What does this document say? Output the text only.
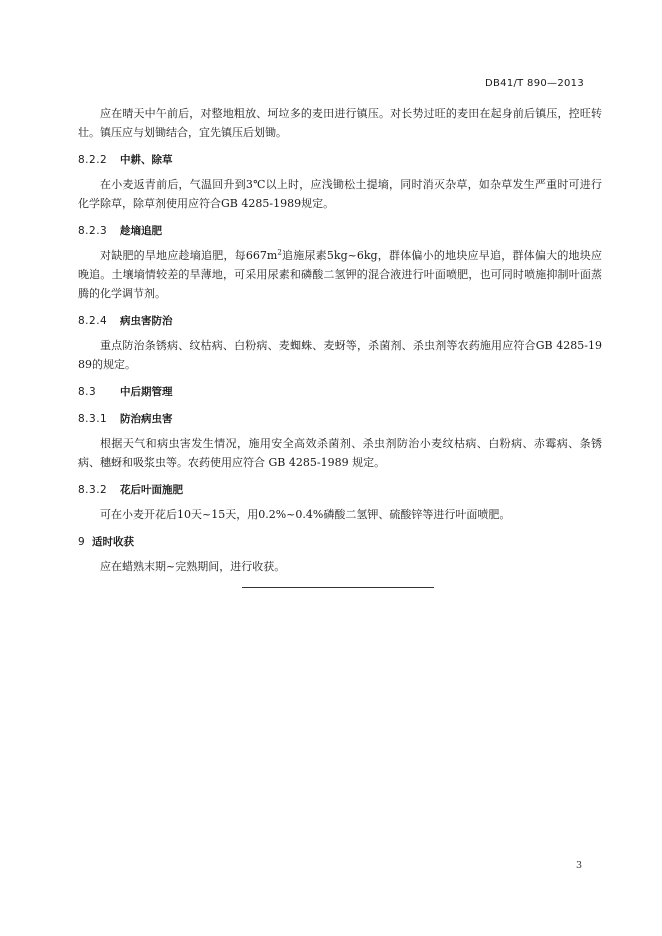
DB41/T 890—2013

应在晴天中午前后，对整地粗放、坷垃多的麦田进行镇压。对长势过旺的麦田在起身前后镇压，控旺转壮。镇压应与划锄结合，宜先镇压后划锄。

8.2.2	中耕、除草

在小麦返青前后，气温回升到3℃以上时，应浅锄松土提墒，同时消灭杂草，如杂草发生严重时可进行化学除草，除草剂使用应符合GB 4285-1989规定。

8.2.3	趁墒追肥

对缺肥的旱地应趁墒追肥，每$667m^2$追施尿素5kg~6kg，群体偏小的地块应早追，群体偏大的地块应晚追。土壤墒情较差的旱薄地，可采用尿素和磷酸二氢钾的混合液进行叶面喷肥，也可同时喷施抑制叶面蒸腾的化学调节剂。

8.2.4	病虫害防治

重点防治条锈病、纹枯病、白粉病、麦蜘蛛、麦蚜等，杀菌剂、杀虫剂等农药施用应符合GB 4285-1989的规定。

8.3	中后期管理
8.3.1	防治病虫害

根据天气和病虫害发生情况，施用安全高效杀菌剂、杀虫剂防治小麦纹枯病、白粉病、赤霉病、条锈病、穗蚜和吸浆虫等。农药使用应符合 GB 4285-1989 规定。

8.3.2	花后叶面施肥

可在小麦开花后10天~15天，用0.2%~0.4%磷酸二氢钾、硫酸锌等进行叶面喷肥。

9 适时收获

应在蜡熟末期~完熟期间，进行收获。

3
